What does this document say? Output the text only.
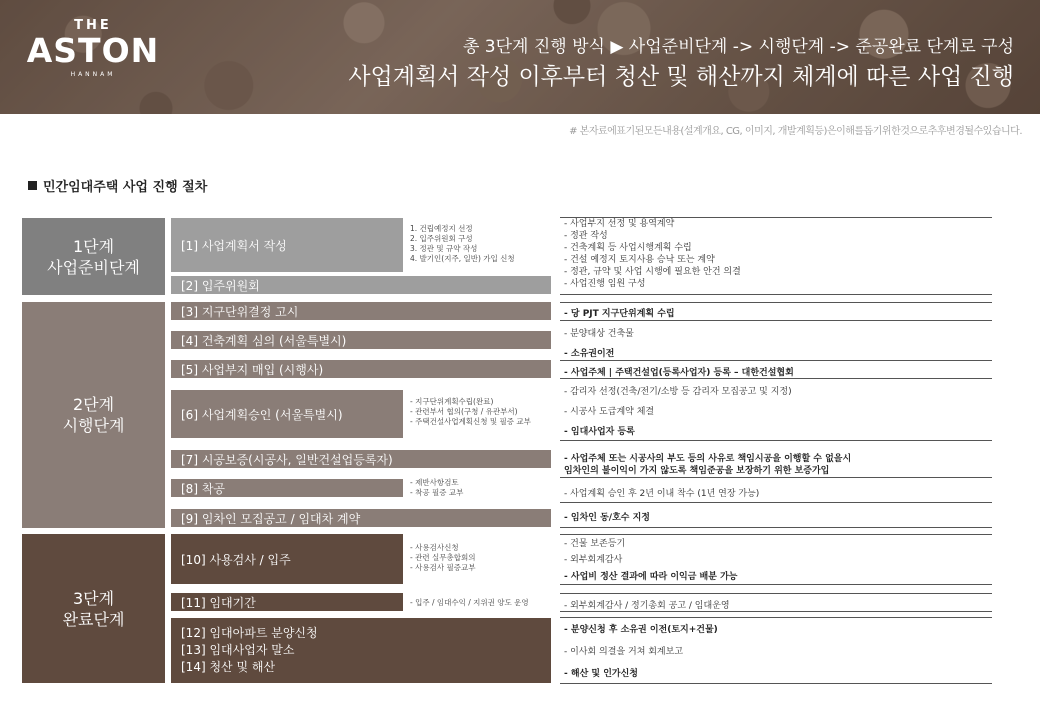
THE
ASTON
HANNAM
총 3단계 진행 방식 ▶ 사업준비단계 -> 시행단계 -> 준공완료 단계로 구성
사업계획서 작성 이후부터 청산 및 해산까지 체계에 따른 사업 진행
# 본자료에표기된모든내용(설계개요, CG, 이미지, 개발계획등)은이해를돕기위한것으로추후변경될수있습니다.
민간임대주택 사업 진행 절차
1단계
사업준비단계
2단계
시행단계
3단계
완료단계
[1] 사업계획서 작성
[2] 입주위원회
[3] 지구단위결정 고시
[4] 건축계획 심의 (서울특별시)
[5] 사업부지 매입 (시행사)
[6] 사업계획승인 (서울특별시)
[7] 시공보증(시공사, 일반건설업등록자)
[8] 착공
[9] 임차인 모집공고 / 임대차 계약
[10] 사용검사 / 입주
[11] 임대기간
[12] 임대아파트 분양신청
[13] 임대사업자 말소
[14] 청산 및 해산
1. 건립예정지 선정
2. 입주위원회 구성
3. 정관 및 규약 작성
4. 발기인(지주, 일반) 가입 신청
- 지구단위계획수립(완료)
- 관련부서 협의(구청 / 유관부서)
- 주택건설사업계획신청 및 필증 교부
- 제반사항검토
- 착공 필증 교부
- 사용검사신청
- 관련 실무총합회의
- 사용검사 필증교부
- 입주 / 임대수익 / 지위권 양도 운영
- 사업부지 선정 및 용역계약
- 정관 작성
- 건축계획 등 사업시행계획 수립
- 건설 예정지 토지사용 승낙 또는 계약
- 정관, 규약 및 사업 시행에 필요한 안건 의결
- 사업진행 임원 구성
- 당 PJT 지구단위계획 수립
- 분양대상 건축물
- 소유권이전
- 사업주체 | 주택건설업(등록사업자) 등록 – 대한건설협회
- 감리자 선정(건축/전기/소방 등 감리자 모집공고 및 지정)
- 시공사 도급계약 체결
- 임대사업자 등록
- 사업주체 또는 시공사의 부도 등의 사유로 책임시공을 이행할 수 없을시
임차인의 불이익이 가지 않도록 책임준공을 보장하기 위한 보증가입
- 사업계획 승인 후 2년 이내 착수 (1년 연장 가능)
- 임차인 동/호수 지정
- 건물 보존등기
- 외부회계감사
- 사업비 정산 결과에 따라 이익금 배분 가능
- 외부회계감사 / 정기총회 공고 / 임대운영
- 분양신청 후 소유권 이전(토지+건물)
- 이사회 의결을 거쳐 회계보고
- 해산 및 인가신청
